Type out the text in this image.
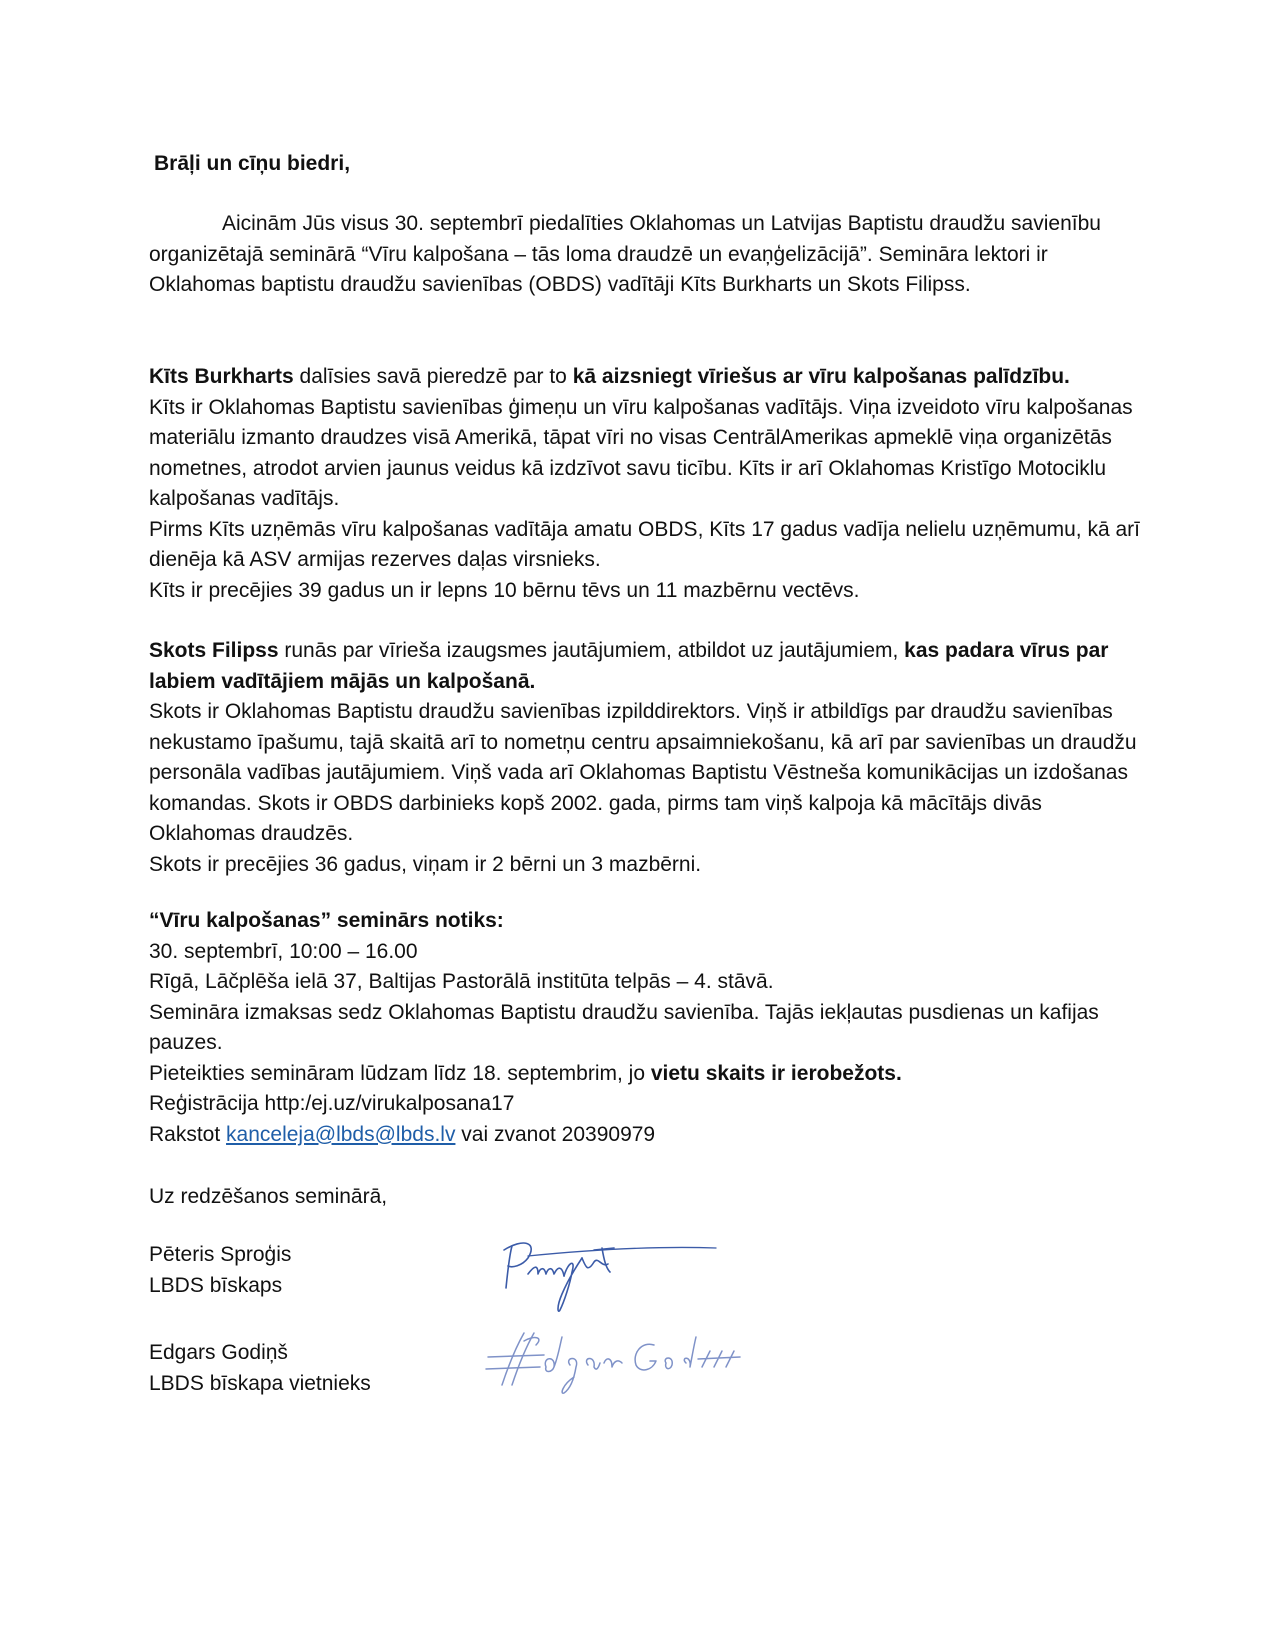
Brāļi un cīņu biedri,

Aicinām Jūs visus 30. septembrī piedalīties Oklahomas un Latvijas Baptistu draudžu savienību organizētajā seminārā “Vīru kalpošana – tās loma draudzē un evaņģelizācijā”. Semināra lektori ir Oklahomas baptistu draudžu savienības (OBDS) vadītāji Kīts Burkharts un Skots Filipss.

Kīts Burkharts dalīsies savā pieredzē par to kā aizsniegt vīriešus ar vīru kalpošanas palīdzību.

Kīts ir Oklahomas Baptistu savienības ģimeņu un vīru kalpošanas vadītājs. Viņa izveidoto vīru kalpošanas materiālu izmanto draudzes visā Amerikā, tāpat vīri no visas CentrālAmerikas apmeklē viņa organizētās nometnes, atrodot arvien jaunus veidus kā izdzīvot savu ticību. Kīts ir arī Oklahomas Kristīgo Motociklu kalpošanas vadītājs.

Pirms Kīts uzņēmās vīru kalpošanas vadītāja amatu OBDS, Kīts 17 gadus vadīja nelielu uzņēmumu, kā arī dienēja kā ASV armijas rezerves daļas virsnieks.

Kīts ir precējies 39 gadus un ir lepns 10 bērnu tēvs un 11 mazbērnu vectēvs.

Skots Filipss runās par vīrieša izaugsmes jautājumiem, atbildot uz jautājumiem, kas padara vīrus par labiem vadītājiem mājās un kalpošanā.

Skots ir Oklahomas Baptistu draudžu savienības izpilddirektors. Viņš ir atbildīgs par draudžu savienības nekustamo īpašumu, tajā skaitā arī to nometņu centru apsaimniekošanu, kā arī par savienības un draudžu personāla vadības jautājumiem. Viņš vada arī Oklahomas Baptistu Vēstneša komunikācijas un izdošanas komandas. Skots ir OBDS darbinieks kopš 2002. gada, pirms tam viņš kalpoja kā mācītājs divās Oklahomas draudzēs.

Skots ir precējies 36 gadus, viņam ir 2 bērni un 3 mazbērni.

“Vīru kalpošanas” seminārs notiks:

30. septembrī, 10:00 – 16.00

Rīgā, Lāčplēša ielā 37, Baltijas Pastorālā institūta telpās – 4. stāvā.

Semināra izmaksas sedz Oklahomas Baptistu draudžu savienība. Tajās iekļautas pusdienas un kafijas pauzes.

Pieteikties semināram lūdzam līdz 18. septembrim, jo vietu skaits ir ierobežots.

Reģistrācija http:/ej.uz/virukalposana17

Rakstot kanceleja@lbds@lbds.lv vai zvanot 20390979

Uz redzēšanos seminārā,

Pēteris Sproģis

LBDS bīskaps

Edgars Godiņš

LBDS bīskapa vietnieks
